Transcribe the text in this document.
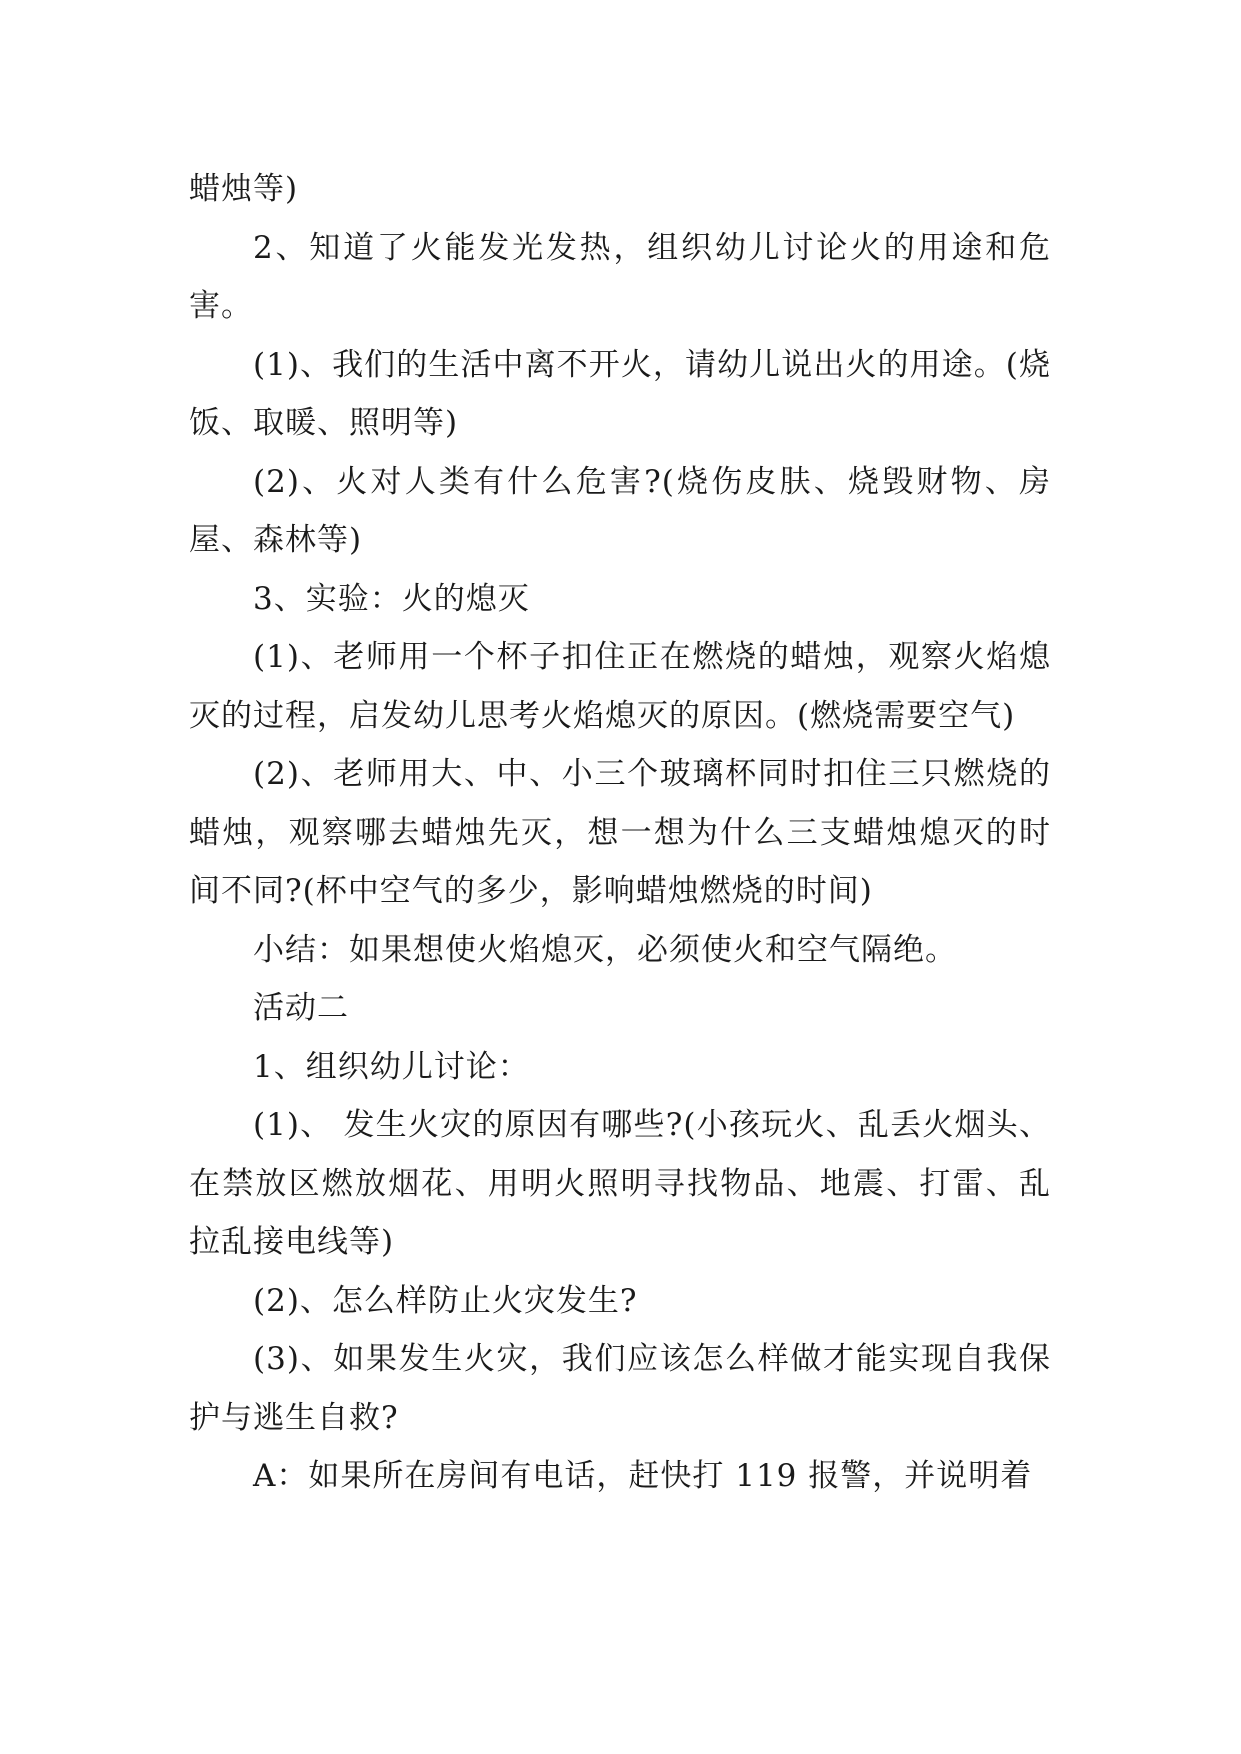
蜡烛等)

2、知道了火能发光发热，组织幼儿讨论火的用途和危害。

(1)、我们的生活中离不开火，请幼儿说出火的用途。(烧饭、取暖、照明等)

(2)、火对人类有什么危害?(烧伤皮肤、烧毁财物、房屋、森林等)

3、实验：火的熄灭

(1)、老师用一个杯子扣住正在燃烧的蜡烛，观察火焰熄灭的过程，启发幼儿思考火焰熄灭的原因。(燃烧需要空气)

(2)、老师用大、中、小三个玻璃杯同时扣住三只燃烧的蜡烛，观察哪去蜡烛先灭，想一想为什么三支蜡烛熄灭的时间不同?(杯中空气的多少，影响蜡烛燃烧的时间)

小结：如果想使火焰熄灭，必须使火和空气隔绝。

活动二

1、组织幼儿讨论：

(1)、 发生火灾的原因有哪些?(小孩玩火、乱丢火烟头、在禁放区燃放烟花、用明火照明寻找物品、地震、打雷、乱拉乱接电线等)

(2)、怎么样防止火灾发生?

(3)、如果发生火灾，我们应该怎么样做才能实现自我保护与逃生自救?

A：如果所在房间有电话，赶快打 119 报警，并说明着
